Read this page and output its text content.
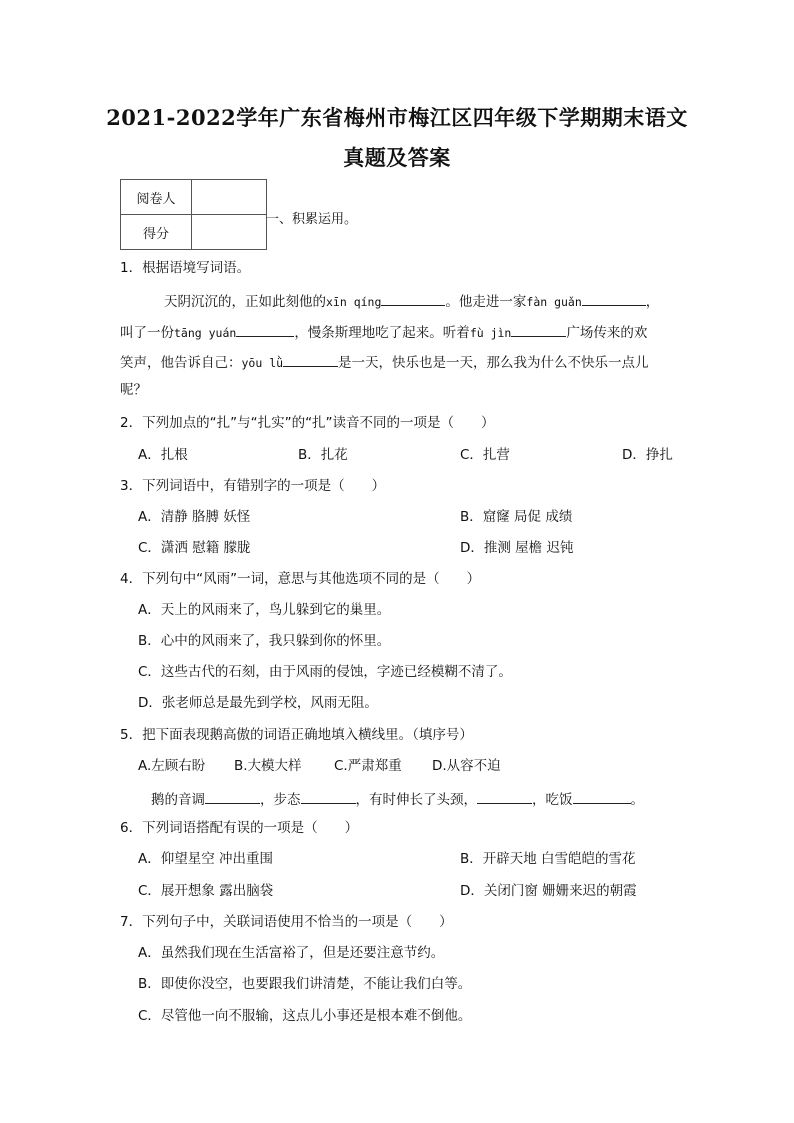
2021-2022学年广东省梅州市梅江区四年级下学期期末语文
真题及答案
阅卷人	
得分	
一、积累运用。

1．根据语境写词语。

天阴沉沉的，正如此刻他的xīn qíng	。他走进一家fàn guǎn	，

叫了一份tāng yuán	，慢条斯理地吃了起来。听着fù jìn	广场传来的欢

笑声，他告诉自己：yōu lǜ	是一天，快乐也是一天，那么我为什么不快乐一点儿

呢？

2．下列加点的“扎”与“扎实”的“扎”读音不同的一项是（　　）

A．扎根	B．扎花	C．扎营	D．挣扎

3．下列词语中，有错别字的一项是（　　）

A．清静 胳膊 妖怪	B．窟窿 局促 成绩
C．潇洒 慰籍 朦胧	D．推测 屋檐 迟钝

4．下列句中“风雨”一词，意思与其他选项不同的是（　　）

A．天上的风雨来了，鸟儿躲到它的巢里。
B．心中的风雨来了，我只躲到你的怀里。
C．这些古代的石刻，由于风雨的侵蚀，字迹已经模糊不清了。
D．张老师总是最先到学校，风雨无阻。

5．把下面表现鹅高傲的词语正确地填入横线里。（填序号）

A.左顾右盼 B.大模大样 C.严肃郑重 D.从容不迫

鹅的音调	，步态	，有时伸长了头颈，	，吃饭	。

6．下列词语搭配有误的一项是（　　）

A．仰望星空 冲出重围	B．开辟天地 白雪皑皑的雪花
C．展开想象 露出脑袋	D．关闭门窗 姗姗来迟的朝霞

7．下列句子中，关联词语使用不恰当的一项是（　　）

A．虽然我们现在生活富裕了，但是还要注意节约。
B．即使你没空，也要跟我们讲清楚，不能让我们白等。
C．尽管他一向不服输，这点儿小事还是根本难不倒他。
